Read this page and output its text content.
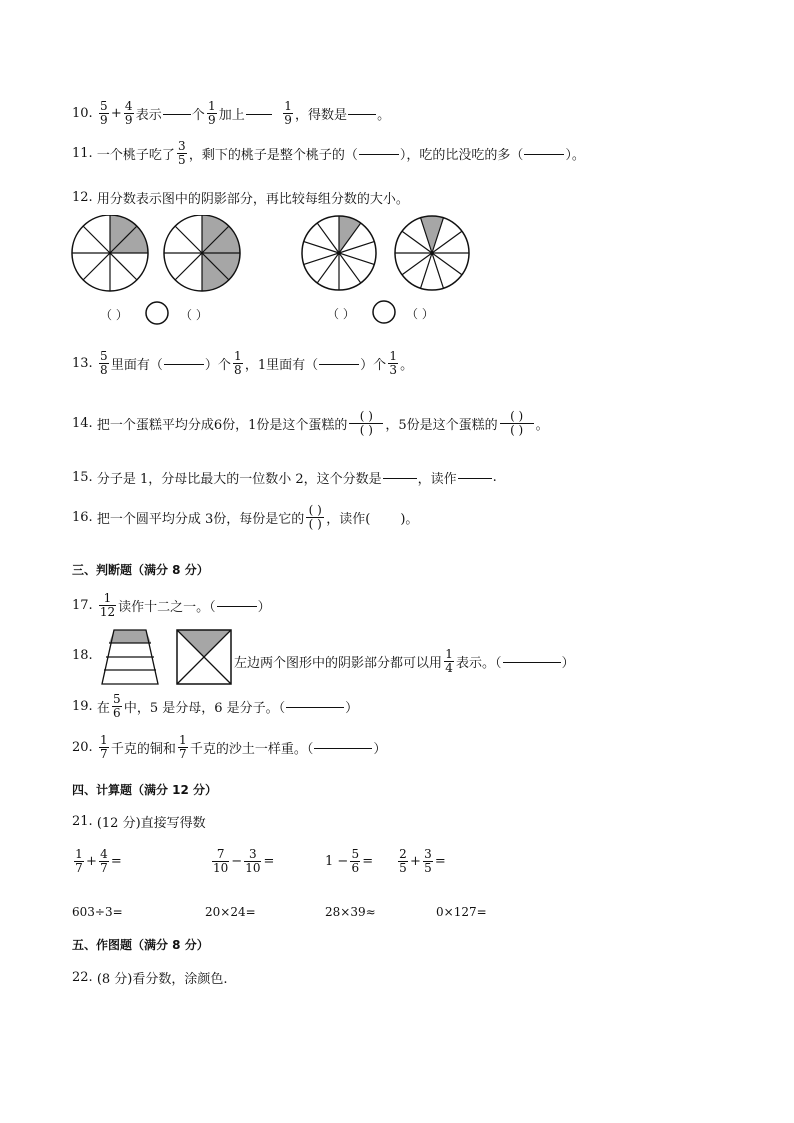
10.
$\frac{5}{9} + \frac{4}{9}$ 表示 个 $\frac{1}{9}$ 加上
	$\frac{1}{9}$ ，得数是 。
11.
一个桃子吃了 $\frac{3}{5}$ ，剩下的桃子是整个桃子的（	），吃的比没吃的多（	）。
12.
用分数表示图中的阴影部分，再比较每组分数的大小。
（ ）	（ ）	（ ）	（ ）
13.
$\frac{5}{8}$ 里面有（	）个 $\frac{1}{8}$ ，1里面有（	）个 $\frac{1}{3}$ 。
14.
把一个蛋糕平均分成6份，1份是这个蛋糕的 $\frac{( )}{( )}$ ，5份是这个蛋糕的 $\frac{( )}{( )}$ 。
15.
分子是 1，分母比最大的一位数小 2，这个分数是	，读作	.
16.
把一个圆平均分成 3份，每份是它的 $\frac{( )}{( )}$ ，读作( )。
三、判断题（满分 8 分）
17.
$\frac{1}{12}$ 读作十二之一。（	）
18.
左边两个图形中的阴影部分都可以用 $\frac{1}{4}$ 表示。（	）
19.
在 $\frac{5}{6}$ 中，5 是分母，6 是分子。（	）
20.
$\frac{1}{7}$ 千克的铜和 $\frac{1}{7}$ 千克的沙土一样重。（	）
四、计算题（满分 12 分）
21.
(12 分)直接写得数
$\frac{1}{7} + \frac{4}{7}$ =	$\frac{7}{10} - \frac{3}{10}$ =	$1 - \frac{5}{6} = \frac{2}{5} + \frac{3}{5}$ =
603÷3=	20×24=	28×39≈	0×127=
五、作图题（满分 8 分）
22.
(8 分)看分数，涂颜色.
